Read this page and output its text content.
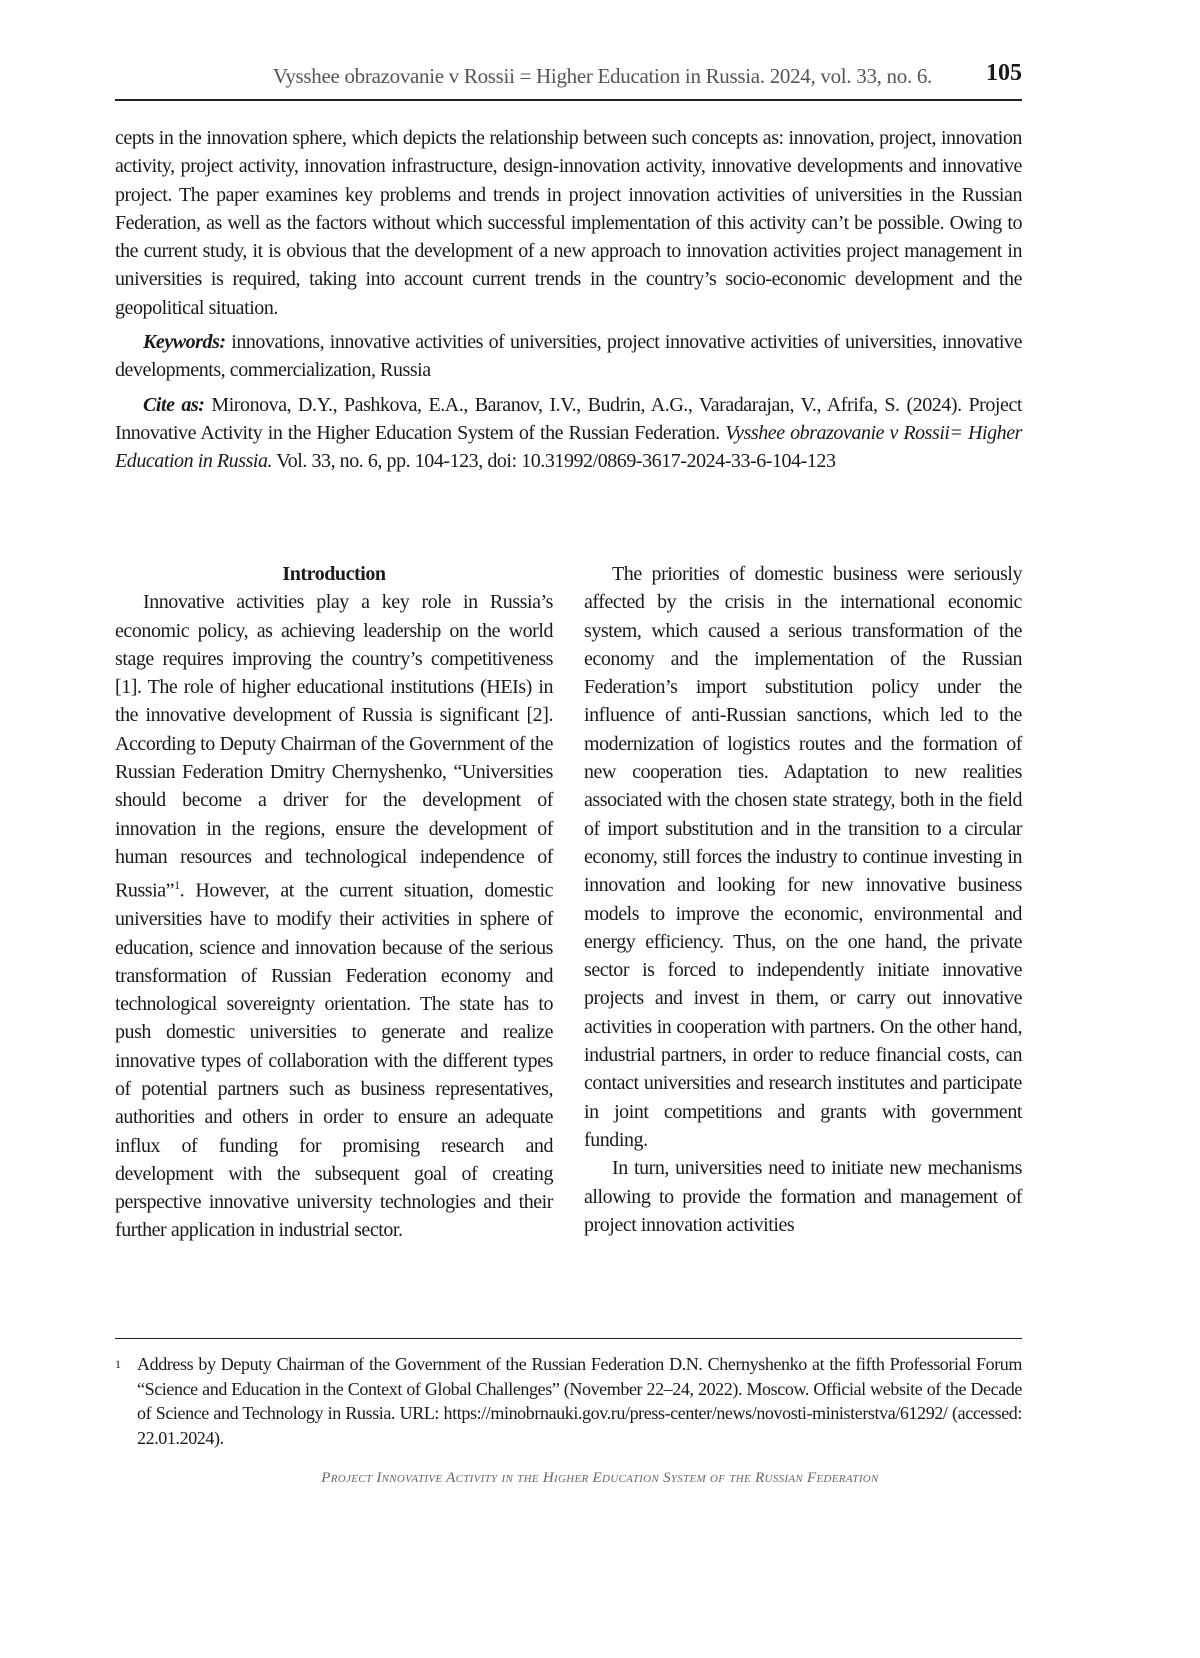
Vysshee obrazovanie v Rossii = Higher Education in Russia. 2024, vol. 33, no. 6. 105

cepts in the innovation sphere, which depicts the relationship between such concepts as: innovation, project, innovation activity, project activity, innovation infrastructure, design-innovation activity, innovative developments and innovative project. The paper examines key problems and trends in project innovation activities of universities in the Russian Federation, as well as the factors without which successful implementation of this activity can’t be possible. Owing to the current study, it is obvious that the development of a new approach to innovation activities project management in universities is required, taking into account current trends in the country’s socio-economic development and the geopolitical situation.

Keywords: innovations, innovative activities of universities, project innovative activities of universities, innovative developments, commercialization, Russia

Cite as: Mironova, D.Y., Pashkova, E.A., Baranov, I.V., Budrin, A.G., Varadarajan, V., Afrifa, S. (2024). Project Innovative Activity in the Higher Education System of the Russian Federation. Vysshee obrazovanie v Rossii= Higher Education in Russia. Vol. 33, no. 6, pp. 104-123, doi: 10.31992/0869-3617-2024-33-6-104-123

Introduction

Innovative activities play a key role in Russia’s economic policy, as achieving leadership on the world stage requires improving the country’s competitiveness [1]. The role of higher educational institutions (HEIs) in the innovative development of Russia is significant [2]. According to Deputy Chairman of the Government of the Russian Federation Dmitry Chernyshenko, “Universities should become a driver for the development of innovation in the regions, ensure the development of human resources and technological independence of Russia”$^1$. However, at the current situation, domestic universities have to modify their activities in sphere of education, science and innovation because of the serious transformation of Russian Federation economy and technological sovereignty orientation. The state has to push domestic universities to generate and realize innovative types of collaboration with the different types of potential partners such as business representatives, authorities and others in order to ensure an adequate influx of funding for promising research and development with the subsequent goal of creating perspective innovative university technologies and their further application in industrial sector.

The priorities of domestic business were seriously affected by the crisis in the international economic system, which caused a serious transformation of the economy and the implementation of the Russian Federation’s import substitution policy under the influence of anti-Russian sanctions, which led to the modernization of logistics routes and the formation of new cooperation ties. Adaptation to new realities associated with the chosen state strategy, both in the field of import substitution and in the transition to a circular economy, still forces the industry to continue investing in innovation and looking for new innovative business models to improve the economic, environmental and energy efficiency. Thus, on the one hand, the private sector is forced to independently initiate innovative projects and invest in them, or carry out innovative activities in cooperation with partners. On the other hand, industrial partners, in order to reduce financial costs, can contact universities and research institutes and participate in joint competitions and grants with government funding.

In turn, universities need to initiate new mechanisms allowing to provide the formation and management of project innovation activities

1 Address by Deputy Chairman of the Government of the Russian Federation D.N. Chernyshenko at the fifth Professorial Forum “Science and Education in the Context of Global Challenges” (November 22–24, 2022). Moscow. Official website of the Decade of Science and Technology in Russia. URL: https://minobrnauki.gov.ru/press-center/news/novosti-ministerstva/61292/ (accessed: 22.01.2024).
Project Innovative Activity in the Higher Education System of the Russian Federation
